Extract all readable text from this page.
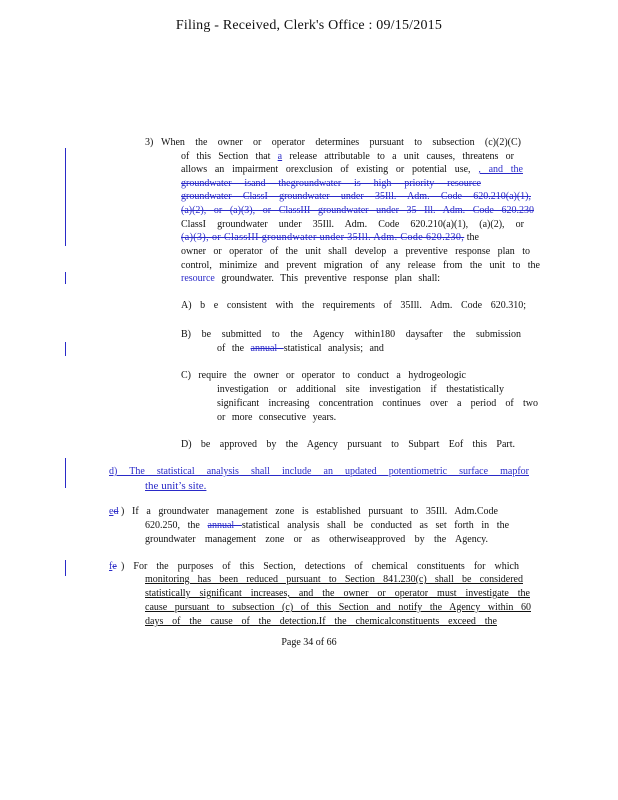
Filing - Received, Clerk's Office : 09/15/2015
3) When the owner or operator determines pursuant to subsection (c)(2)(C)
of this Section that a release attributable to a unit causes, threatens or
allows an impairment orexclusion of existing or potential use, , and the
groundwater isand thegroundwater is high priority resource
groundwater ClassI groundwater under 35Ill. Adm. Code 620.210(a)(1),
(a)(2), or (a)(3), or ClassIII groundwater under 35 Ill. Adm. Code 620.230
ClassI groundwater under 35Ill. Adm. Code 620.210(a)(1), (a)(2), or
(a)(3), or ClassIII groundwater under 35Ill. Adm. Code 620.230, the
owner or operator of the unit shall develop a preventive response plan to
control, minimize and prevent migration of any release from the unit to the
resource groundwater. This preventive response plan shall:
A) b e consistent with the requirements of 35Ill. Adm. Code 620.310;
B) be submitted to the Agency within180 daysafter the submission
of the annual statistical analysis; and
C) require the owner or operator to conduct a hydrogeologic
investigation or additional site investigation if thestatistically
significant increasing concentration continues over a period of two
or more consecutive years.
D) be approved by the Agency pursuant to Subpart Eof this Part.
d) The statistical analysis shall include an updated potentiometric surface mapfor
the unit’s site.
ed ) If a groundwater management zone is established pursuant to 35Ill. Adm.Code
620.250, the annual statistical analysis shall be conducted as set forth in the
groundwater management zone or as otherwiseapproved by the Agency.
fe ) For the purposes of this Section, detections of chemical constituents for which
monitoring has been reduced pursuant to Section 841.230(c) shall be considered
statistically significant increases, and the owner or operator must investigate the
cause pursuant to subsection (c) of this Section and notify the Agency within 60
days of the cause of the detection.If the chemicalconstituents exceed the
Page 34 of 66
